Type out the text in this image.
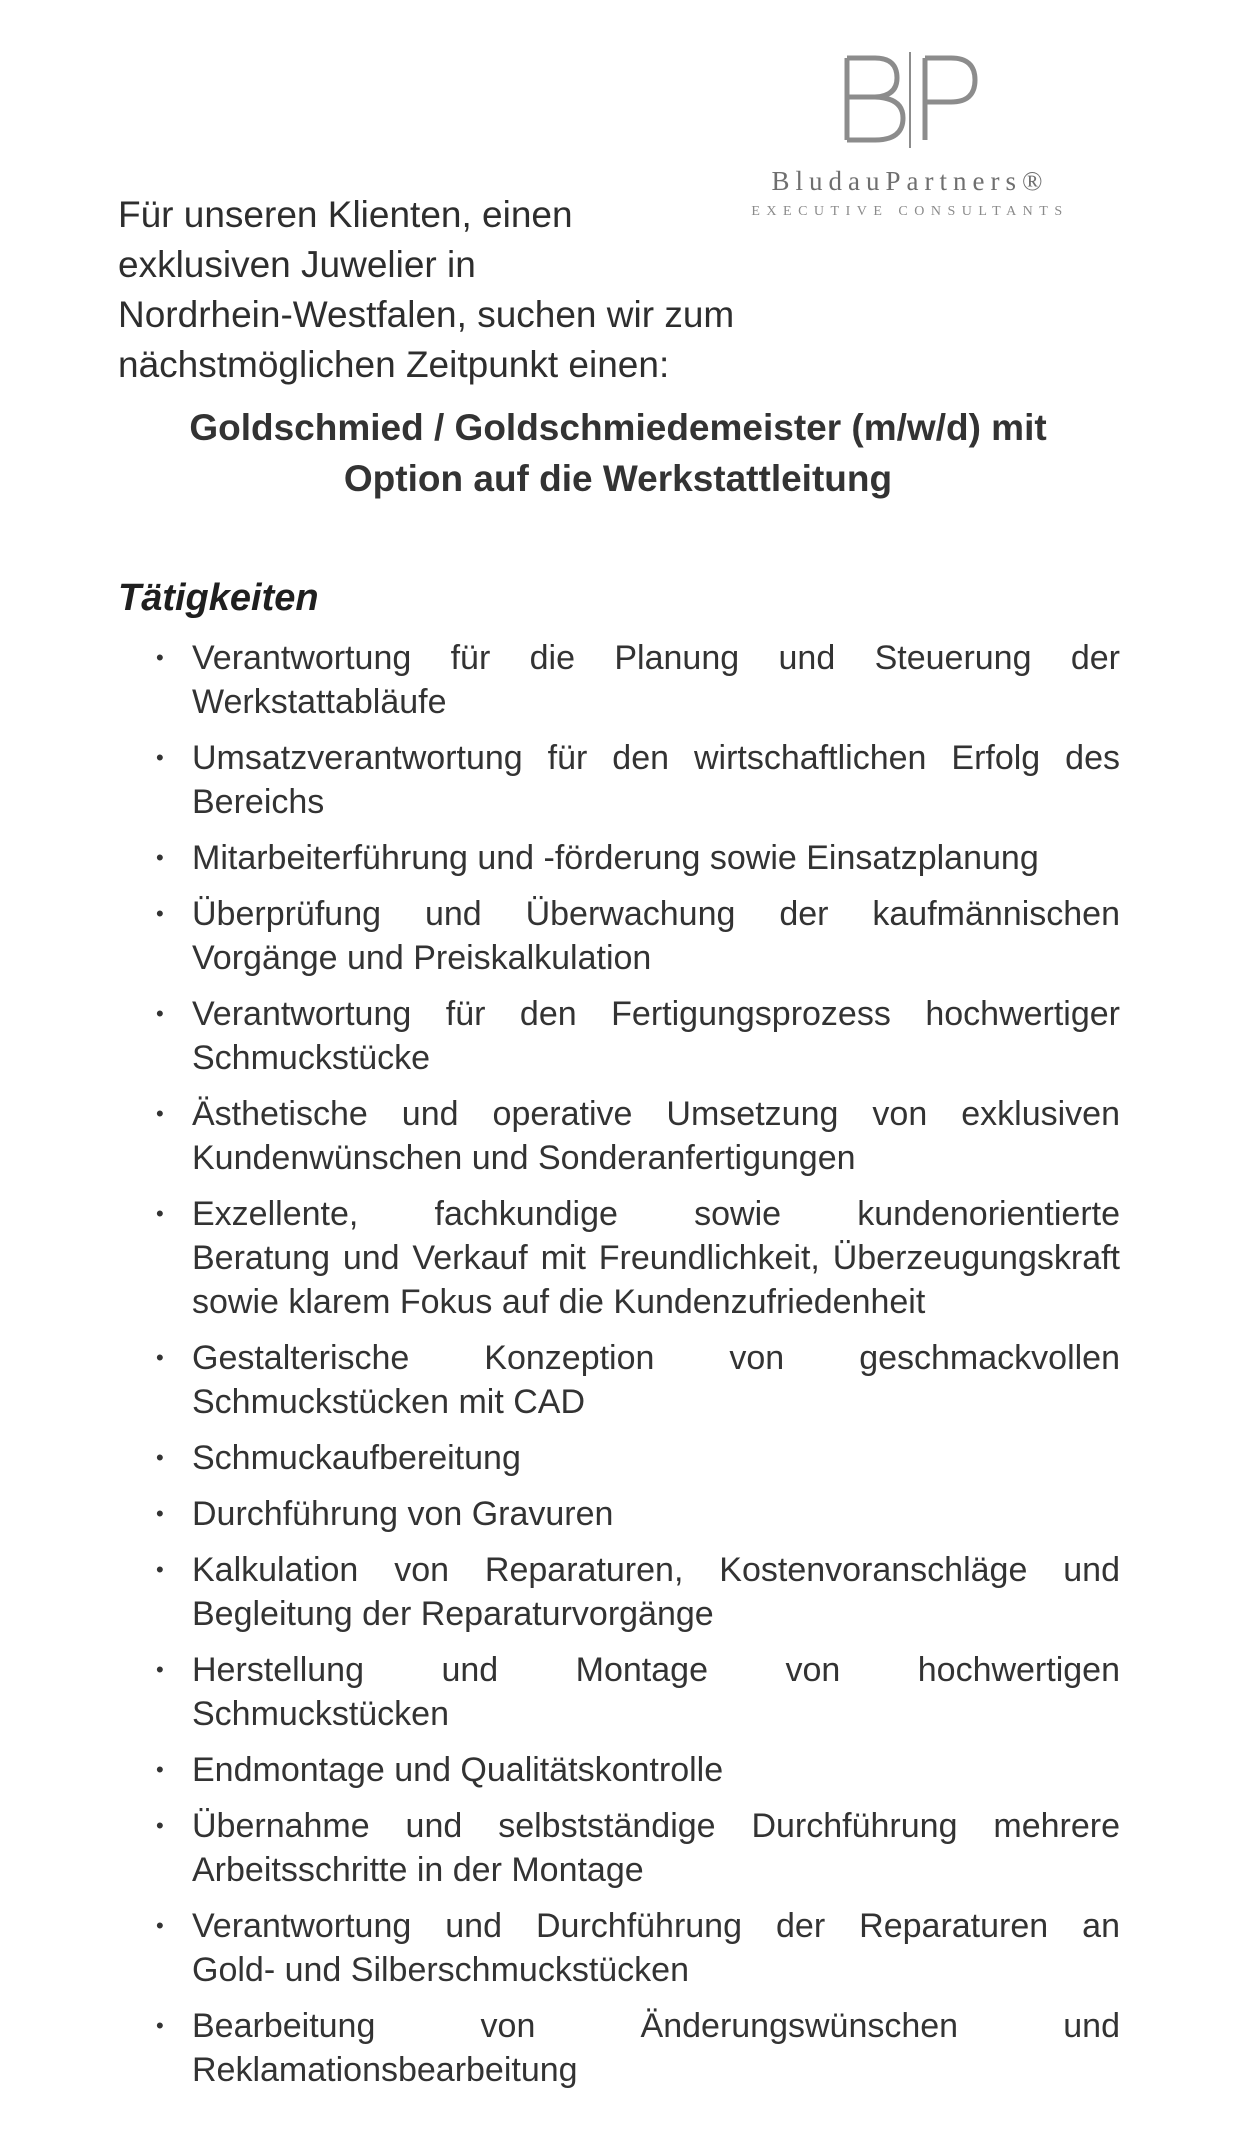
BludauPartners®
EXECUTIVE CONSULTANTS

Für unseren Klienten, einen
exklusiven Juwelier in
Nordrhein-Westfalen, suchen wir zum
nächstmöglichen Zeitpunkt einen:

Goldschmied / Goldschmiedemeister (m/w/d) mit
Option auf die Werkstattleitung
Tätigkeiten
• Verantwortung für die Planung und Steuerung der
Werkstattabläufe
• Umsatzverantwortung für den wirtschaftlichen Erfolg des
Bereichs
• Mitarbeiterführung und -förderung sowie Einsatzplanung
• Überprüfung und Überwachung der kaufmännischen
Vorgänge und Preiskalkulation
• Verantwortung für den Fertigungsprozess hochwertiger
Schmuckstücke
• Ästhetische und operative Umsetzung von exklusiven
Kundenwünschen und Sonderanfertigungen
• Exzellente, fachkundige sowie kundenorientierte
Beratung und Verkauf mit Freundlichkeit, Überzeugungskraft sowie klarem Fokus auf die Kundenzufriedenheit
• Gestalterische Konzeption von geschmackvollen
Schmuckstücken mit CAD
• Schmuckaufbereitung
• Durchführung von Gravuren
• Kalkulation von Reparaturen, Kostenvoranschläge und
Begleitung der Reparaturvorgänge
• Herstellung und Montage von hochwertigen
Schmuckstücken
• Endmontage und Qualitätskontrolle
• Übernahme und selbstständige Durchführung mehrere
Arbeitsschritte in der Montage
• Verantwortung und Durchführung der Reparaturen an
Gold- und Silberschmuckstücken
• Bearbeitung von Änderungswünschen und
Reklamationsbearbeitung
